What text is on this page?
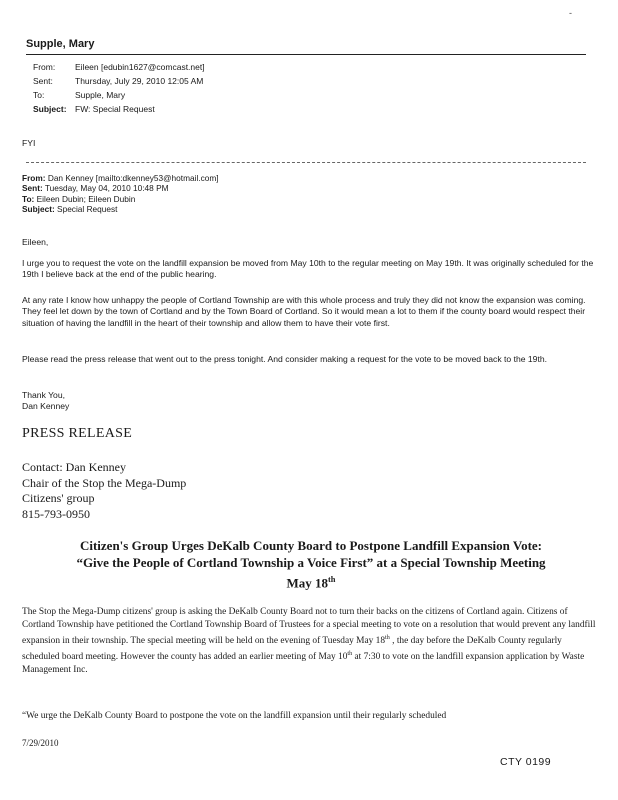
-
Supple, Mary
From: Eileen [edubin1627@comcast.net]
Sent:	Thursday, July 29, 2010 12:05 AM
To:	Supple, Mary
Subject: FW: Special Request
FYI
From: Dan Kenney [mailto:dkenney53@hotmail.com]
Sent: Tuesday, May 04, 2010 10:48 PM
To: Eileen Dubin; Eileen Dubin
Subject: Special Request
Eileen,

I urge you to request the vote on the landfill expansion be moved from May 10th to the regular meeting on May 19th. It was originally scheduled for the 19th I believe back at the end of the public hearing.

At any rate I know how unhappy the people of Cortland Township are with this whole process and truly they did not know the expansion was coming. They feel let down by the town of Cortland and by the Town Board of Cortland. So it would mean a lot to them if the county board would respect their situation of having the landfill in the heart of their township and allow them to have their vote first.

Please read the press release that went out to the press tonight. And consider making a request for the vote to be moved back to the 19th.

Thank You,
Dan Kenney
PRESS RELEASE
Contact: Dan Kenney
Chair of the Stop the Mega-Dump
Citizens' group
815-793-0950
Citizen's Group Urges DeKalb County Board to Postpone Landfill Expansion Vote:
“Give the People of Cortland Township a Voice First” at a Special Township Meeting
May 18th

The Stop the Mega-Dump citizens' group is asking the DeKalb County Board not to turn their backs on the citizens of Cortland again. Citizens of Cortland Township have petitioned the Cortland Township Board of Trustees for a special meeting to vote on a resolution that would prevent any landfill expansion in their township. The special meeting will be held on the evening of Tuesday May 18th , the day before the DeKalb County regularly scheduled board meeting. However the county has added an earlier meeting of May 10th at 7:30 to vote on the landfill expansion application by Waste Management Inc.

“We urge the DeKalb County Board to postpone the vote on the landfill expansion until their regularly scheduled

7/29/2010
CTY 0199
